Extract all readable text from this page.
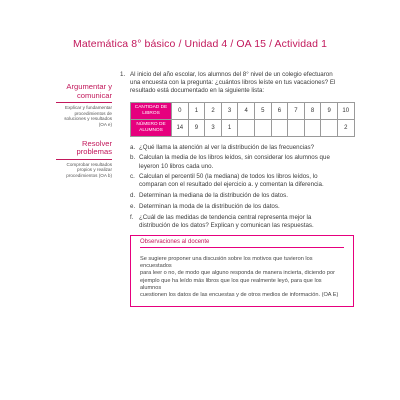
Matemática 8° básico / Unidad 4 / OA 15 / Actividad 1
Argumentar y
comunicar
Explicar y fundamentar
procedimientos de
soluciones y resultados
(OA e)
Resolver
problemas
Comprobar resultados
propios y realizar
procedimientos (OA b)
1. Al inicio del año escolar, los alumnos del 8° nivel de un colegio efectuaron
una encuesta con la pregunta: ¿cuántos libros leíste en tus vacaciones? El
resultado está documentado en la siguiente lista:
CANTIDAD DE
LIBROS	0	1	2	3	4	5	6	7	8	9	10

NÚMERO DE
ALUMNOS	14	9	3	1							2
a. ¿Qué llama la atención al ver la distribución de las frecuencias?
b. Calculan la media de los libros leídos, sin considerar los alumnos que
leyeron 10 libros cada uno.
c. Calculan el percentil 50 (la mediana) de todos los libros leídos, lo
comparan con el resultado del ejercicio a. y comentan la diferencia.
d. Determinan la mediana de la distribución de los datos.
e. Determinan la moda de la distribución de los datos.
f. ¿Cuál de las medidas de tendencia central representa mejor la
distribución de los datos? Explican y comunican las respuestas.
Observaciones al docente
Se sugiere proponer una discusión sobre los motivos que tuvieron los encuestados
para leer o no, de modo que alguno responda de manera incierta, diciendo por
ejemplo que ha leído más libros que los que realmente leyó, para que los alumnos
cuestionen los datos de las encuestas y de otros medios de información. (OA E)
